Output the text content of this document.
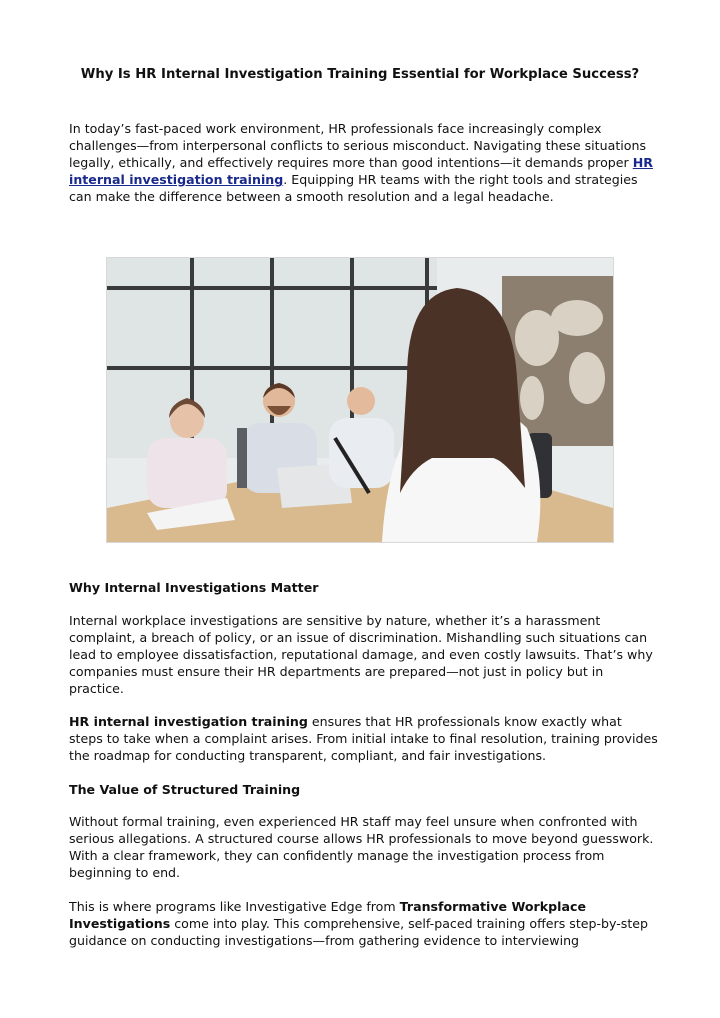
Why Is HR Internal Investigation Training Essential for Workplace Success?

In today’s fast-paced work environment, HR professionals face increasingly complex challenges—from interpersonal conflicts to serious misconduct. Navigating these situations legally, ethically, and effectively requires more than good intentions—it demands proper HR internal investigation training. Equipping HR teams with the right tools and strategies can make the difference between a smooth resolution and a legal headache.

Why Internal Investigations Matter

Internal workplace investigations are sensitive by nature, whether it’s a harassment complaint, a breach of policy, or an issue of discrimination. Mishandling such situations can lead to employee dissatisfaction, reputational damage, and even costly lawsuits. That’s why companies must ensure their HR departments are prepared—not just in policy but in practice.

HR internal investigation training ensures that HR professionals know exactly what steps to take when a complaint arises. From initial intake to final resolution, training provides the roadmap for conducting transparent, compliant, and fair investigations.

The Value of Structured Training

Without formal training, even experienced HR staff may feel unsure when confronted with serious allegations. A structured course allows HR professionals to move beyond guesswork. With a clear framework, they can confidently manage the investigation process from beginning to end.

This is where programs like Investigative Edge from Transformative Workplace Investigations come into play. This comprehensive, self-paced training offers step-by-step guidance on conducting investigations—from gathering evidence to interviewing
